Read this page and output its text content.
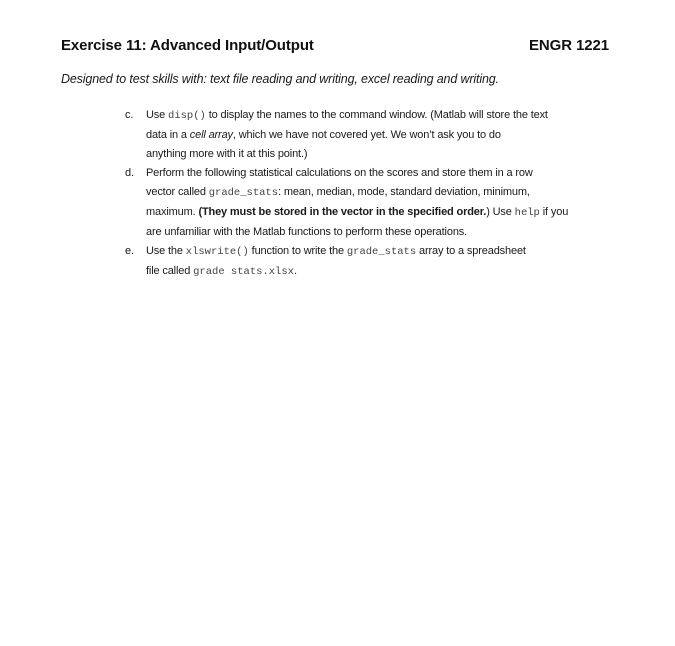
Exercise 11: Advanced Input/Output	ENGR 1221
Designed to test skills with: text file reading and writing, excel reading and writing.
c. Use disp() to display the names to the command window. (Matlab will store the text
data in a cell array, which we have not covered yet. We won’t ask you to do
anything more with it at this point.)
d. Perform the following statistical calculations on the scores and store them in a row
vector called grade_stats: mean, median, mode, standard deviation, minimum,
maximum. (They must be stored in the vector in the specified order.) Use help if you
are unfamiliar with the Matlab functions to perform these operations.
e. Use the xlswrite() function to write the grade_stats array to a spreadsheet
file called grade stats.xlsx.
